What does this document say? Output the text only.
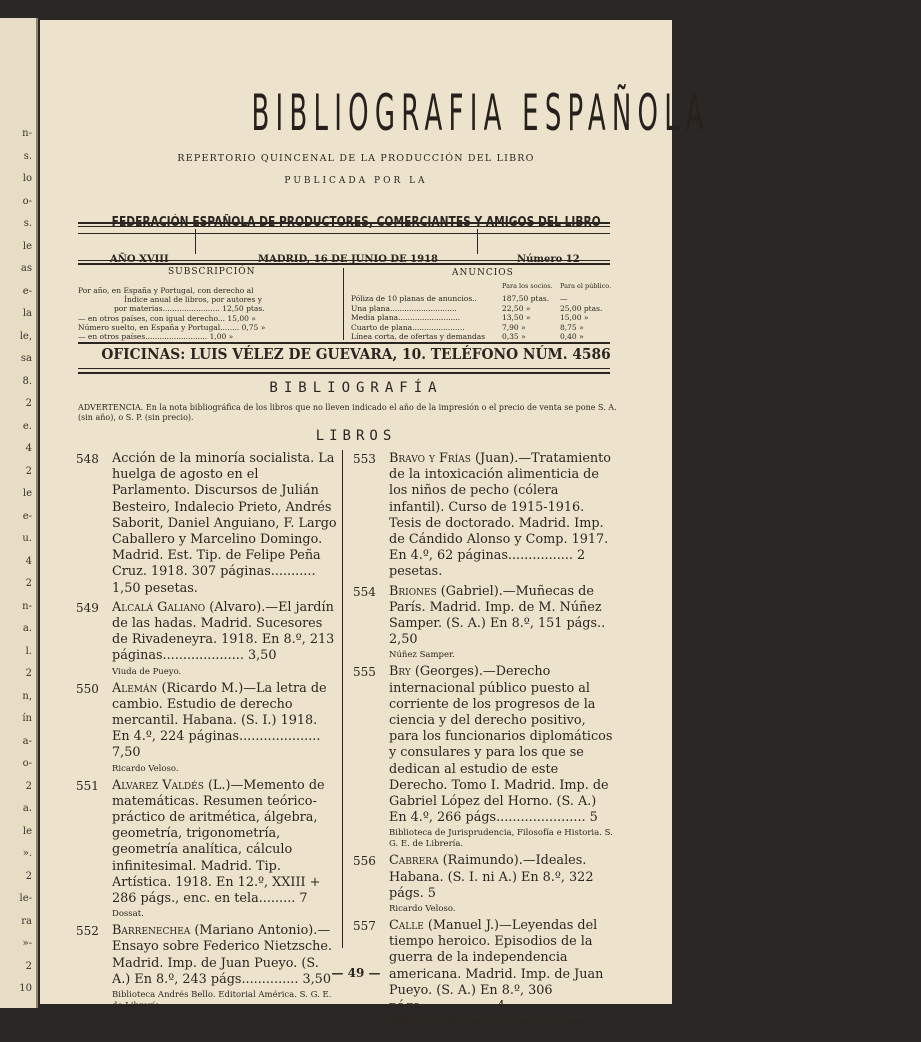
n-
s.
lo
o-
s.
le
as
e-
la
le,
sa
8.
2
e.
4
2
le
e-
u.
4
2
n-
a.
l.
2
n,
ín
a-
o-
2
a.
le
».
2
le-
ra
»-
2
10
BIBLIOGRAFIA ESPAÑOLA
REPERTORIO QUINCENAL DE LA PRODUCCIÓN DEL LIBRO
PUBLICADA POR LA
FEDERACIÓN ESPAÑOLA DE PRODUCTORES, COMERCIANTES Y AMIGOS DEL LIBRO
AÑO XVIII	MADRID, 16 DE JUNIO DE 1918	Número 12
SUBSCRIPCIÓN
Por año, en España y Portugal, con derecho al
Índice anual de libros, por autores y
por materias........................ 12,50 ptas.
— en otros países, con igual derecho... 15,00 »
Número suelto, en España y Portugal........ 0,75 »
— en otros países.......................... 1,00 »
ANUNCIOS
Para los socios. Para el público.
Póliza de 10 planas de anuncios..	187,50 ptas. —
Una plana............................	22,50 »	25,00 ptas.
Media plana..........................	13,50 »	15,00 »
Cuarto de plana......................	7,90 »	8,75 »
Línea corta, de ofertas y demandas 0,35 »	0,40 »
OFICINAS: LUIS VÉLEZ DE GUEVARA, 10. TELÉFONO NÚM. 4586
BIBLIOGRAFÍA
ADVERTENCIA. En la nota bibliográfica de los libros que no lleven indicado el año de la impresión o el precio de venta se pone S. A. (sin año), o S. P. (sin precio).
LIBROS
548 Acción de la minoría socialista. La huelga de agosto en el Parlamento. Discursos de Julián Besteiro, Indalecio Prieto, Andrés Saborit, Daniel Anguiano, F. Largo Caballero y Marcelino Domingo. Madrid. Est. Tip. de Felipe Peña Cruz. 1918. 307 páginas........... 1,50 pesetas.
549 Alcalá Galiano (Alvaro).—El jardín de las hadas. Madrid. Sucesores de Rivadeneyra. 1918. En 8.º, 213 páginas.................... 3,50
Viuda de Pueyo.
550 Alemán (Ricardo M.)—La letra de cambio. Estudio de derecho mercantil. Habana. (S. I.) 1918. En 4.º, 224 páginas.................... 7,50
Ricardo Veloso.
551 Alvarez Valdés (L.)—Memento de matemáticas. Resumen teórico-práctico de aritmética, álgebra, geometría, trigonometría, geometría analítica, cálculo infinitesimal. Madrid. Tip. Artística. 1918. En 12.º, XXIII + 286 págs., enc. en tela......... 7
Dossat.
552 Barrenechea (Mariano Antonio).—Ensayo sobre Federico Nietzsche. Madrid. Imp. de Juan Pueyo. (S. A.) En 8.º, 243 págs.............. 3,50
Biblioteca Andrés Bello. Editorial América. S. G. E. de Librería.
553 Bravo y Frías (Juan).—Tratamiento de la intoxicación alimenticia de los niños de pecho (cólera infantil). Curso de 1915-1916. Tesis de doctorado. Madrid. Imp. de Cándido Alonso y Comp. 1917. En 4.º, 62 páginas................ 2 pesetas.
554 Briones (Gabriel).—Muñecas de París. Madrid. Imp. de M. Núñez Samper. (S. A.) En 8.º, 151 págs.. 2,50
Núñez Samper.
555 Bry (Georges).—Derecho internacional público puesto al corriente de los progresos de la ciencia y del derecho positivo, para los funcionarios diplomáticos y consulares y para los que se dedican al estudio de este Derecho. Tomo I. Madrid. Imp. de Gabriel López del Horno. (S. A.) En 4.º, 266 págs...................... 5
Biblioteca de Jurisprudencia, Filosofía e Historia. S. G. E. de Librería.
556 Cabrera (Raimundo).—Ideales. Habana. (S. I. ni A.) En 8.º, 322 págs. 5
Ricardo Veloso.
557 Calle (Manuel J.)—Leyendas del tiempo heroico. Episodios de la guerra de la independencia americana. Madrid. Imp. de Juan Pueyo. (S. A.) En 8.º, 306 págs.................. 4
Biblioteca de la Juventud Hispano-Americana. S. G. E. de Librería.
— 49 —
